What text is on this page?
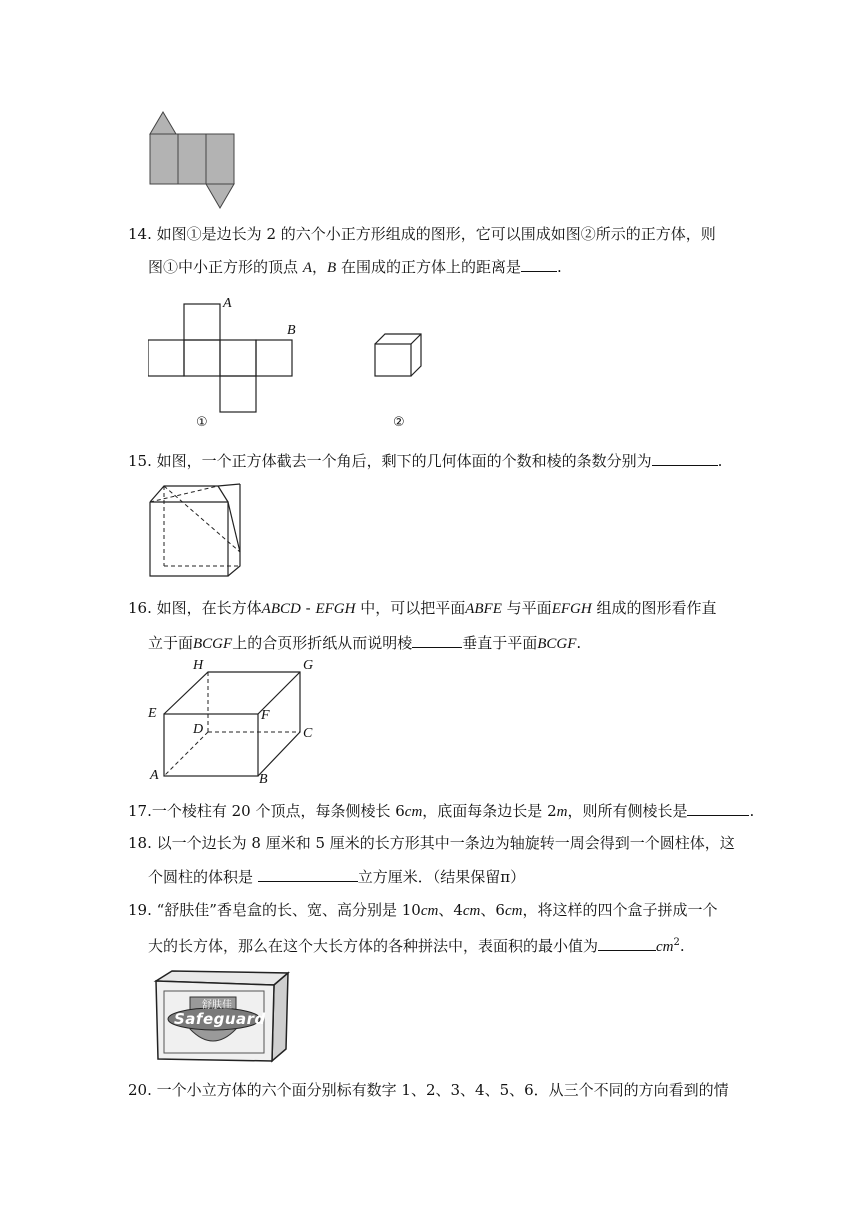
14. 如图①是边长为 2 的六个小正方形组成的图形，它可以围成如图②所示的正方体，则
图①中小正方形的顶点 A，B 在围成的正方体上的距离是 .
A
B
①	②
15. 如图，一个正方体截去一个角后，剩下的几何体面的个数和棱的条数分别为	.
16. 如图，在长方体ABCD - EFGH 中，可以把平面ABFE 与平面EFGH 组成的图形看作直
立于面BCGF上的合页形折纸从而说明棱	垂直于平面BCGF.
H	G
E	F
D	C
A	B
17.一个棱柱有 20 个顶点，每条侧棱长 6cm，底面每条边长是 2m，则所有侧棱长是	.
18. 以一个边长为 8 厘米和 5 厘米的长方形其中一条边为轴旋转一周会得到一个圆柱体，这
个圆柱的体积是	立方厘米．（结果保留π）
19. “舒肤佳”香皂盒的长、宽、高分别是 10cm、4cm、6cm，将这样的四个盒子拼成一个
大的长方体，那么在这个大长方体的各种拼法中，表面积的最小值为	$cm^2$.
Safeguard
舒肤佳
20. 一个小立方体的六个面分别标有数字 1、2、3、4、5、6．从三个不同的方向看到的情
